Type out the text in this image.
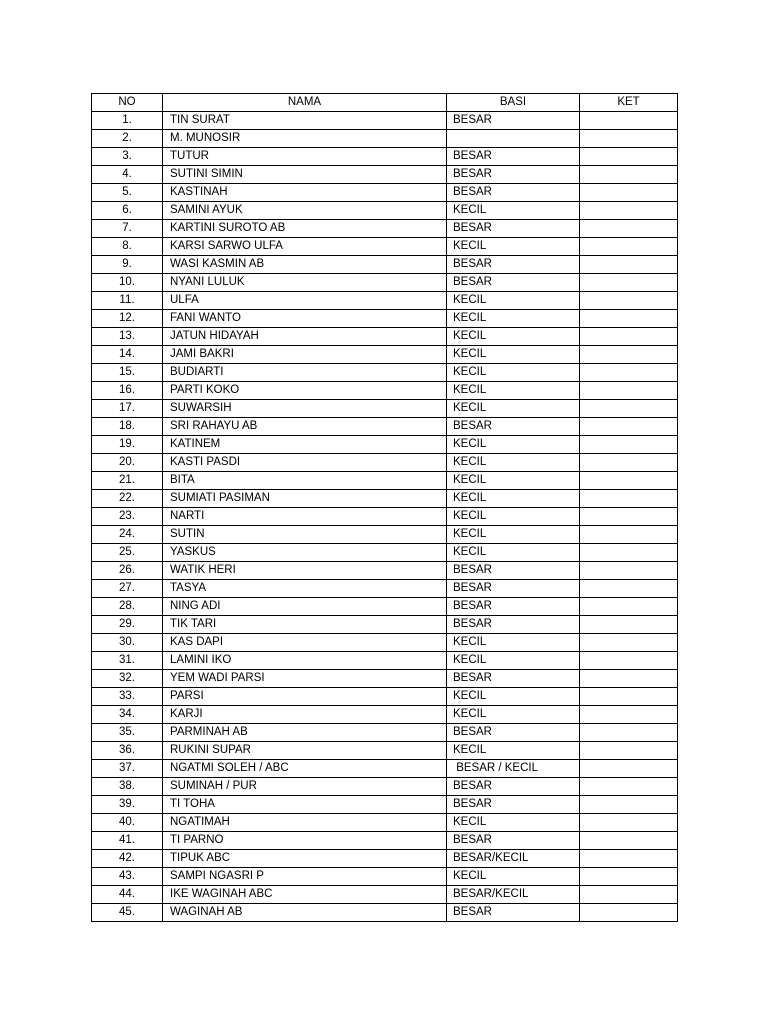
NO	NAMA	BASI	KET
1.	TIN SURAT	BESAR	
2.	M. MUNOSIR		
3.	TUTUR	BESAR	
4.	SUTINI SIMIN	BESAR	
5.	KASTINAH	BESAR	
6.	SAMINI AYUK	KECIL	
7.	KARTINI SUROTO AB	BESAR	
8.	KARSI SARWO ULFA	KECIL	
9.	WASI KASMIN AB	BESAR	
10.	NYANI LULUK	BESAR	
11.	ULFA	KECIL	
12.	FANI WANTO	KECIL	
13.	JATUN HIDAYAH	KECIL	
14.	JAMI BAKRI	KECIL	
15.	BUDIARTI	KECIL	
16.	PARTI KOKO	KECIL	
17.	SUWARSIH	KECIL	
18.	SRI RAHAYU AB	BESAR	
19.	KATINEM	KECIL	
20.	KASTI PASDI	KECIL	
21.	BITA	KECIL	
22.	SUMIATI PASIMAN	KECIL	
23.	NARTI	KECIL	
24.	SUTIN	KECIL	
25.	YASKUS	KECIL	
26.	WATIK HERI	BESAR	
27.	TASYA	BESAR	
28.	NING ADI	BESAR	
29.	TIK TARI	BESAR	
30.	KAS DAPI	KECIL	
31.	LAMINI IKO	KECIL	
32.	YEM WADI PARSI	BESAR	
33.	PARSI	KECIL	
34.	KARJI	KECIL	
35.	PARMINAH AB	BESAR	
36.	RUKINI SUPAR	KECIL	
37.	NGATMI SOLEH / ABC	BESAR / KECIL	
38.	SUMINAH / PUR	BESAR	
39.	TI TOHA	BESAR	
40.	NGATIMAH	KECIL	
41.	TI PARNO	BESAR	
42.	TIPUK ABC	BESAR/KECIL	
43.	SAMPI NGASRI P	KECIL	
44.	IKE WAGINAH ABC	BESAR/KECIL	
45.	WAGINAH AB	BESAR	
